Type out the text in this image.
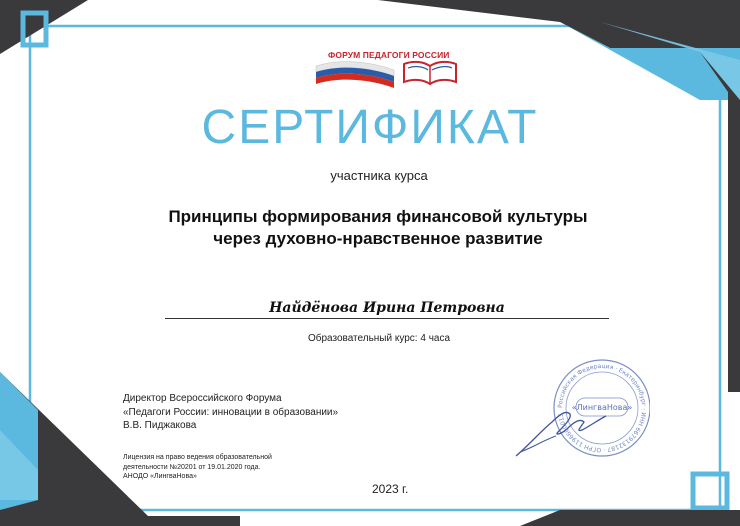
ФОРУМ ПЕДАГОГИ РОССИИ
СЕРТИФИКАТ
участника курса
Принципы формирования финансовой культуры
через духовно-нравственное развитие
Найдёнова Ирина Петровна
Образовательный курс: 4 часа
Директор Всероссийского Форума
«Педагоги России: инновации в образовании»
В.В. Пиджакова
Лицензия на право ведения образовательной
деятельности №20201 от 19.01.2020 года.
АНОДО «ЛингваНова»
2023 г.
Российская Федерация · Екатеринбург · ИНН 6679132187 · ОГРН 1196600013
«ЛингваНова»
